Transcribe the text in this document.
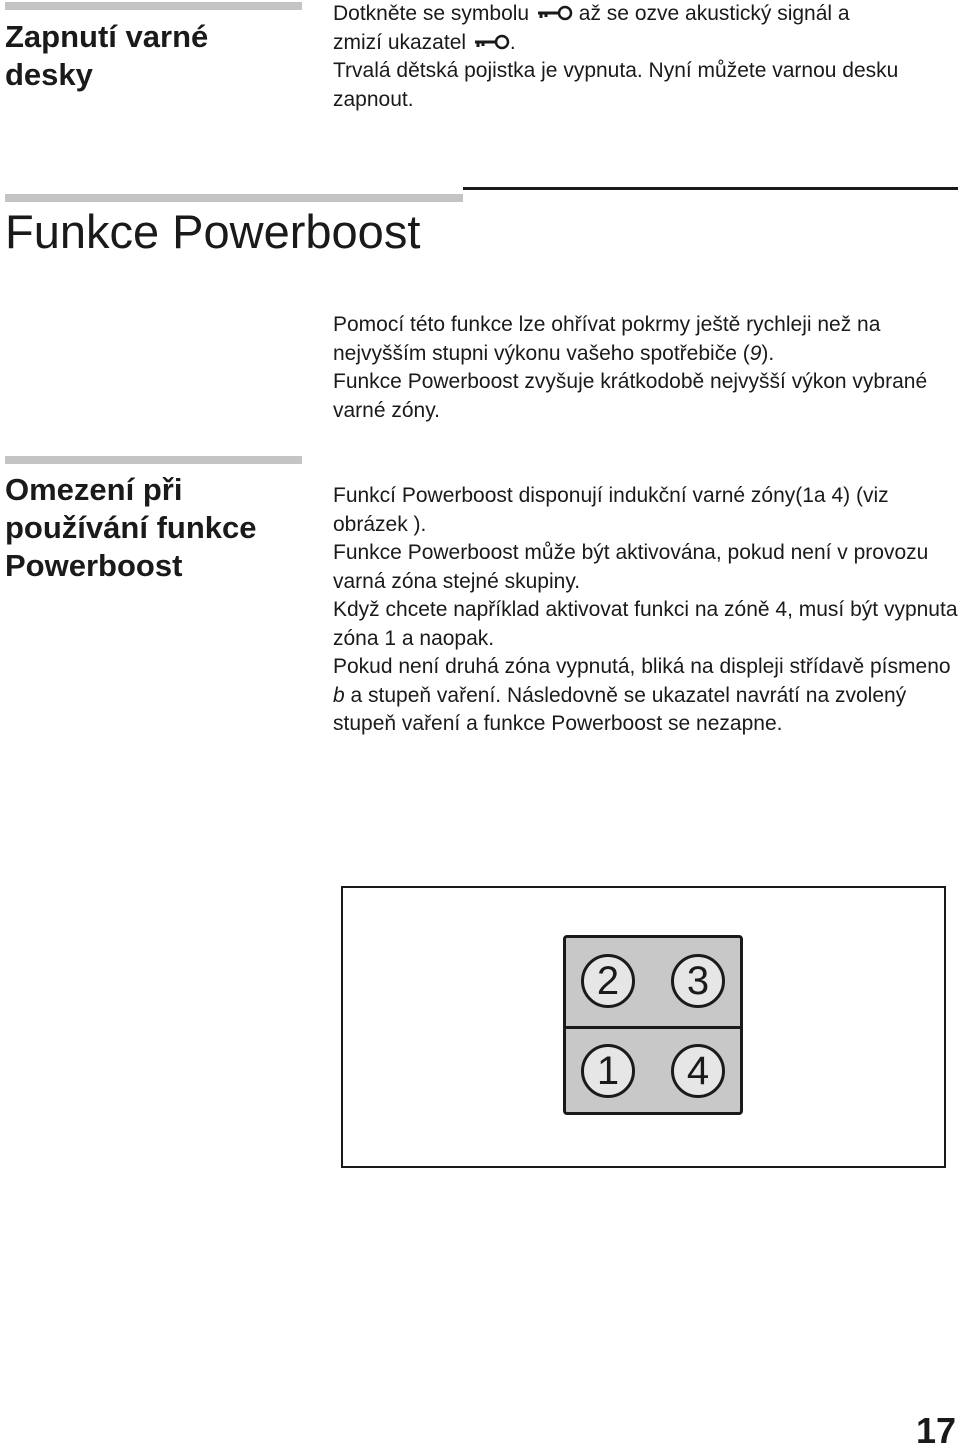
Zapnutí varné desky

Dotkněte se symbolu až se ozve akustický signál a

zmizí ukazatel .

Trvalá dětská pojistka je vypnuta. Nyní můžete varnou desku zapnout.

Funkce Powerboost

Pomocí této funkce lze ohřívat pokrmy ještě rychleji než na nejvyšším stupni výkonu vašeho spotřebiče (9).

Funkce Powerboost zvyšuje krátkodobě nejvyšší výkon vybrané varné zóny.

Omezení při používání funkce Powerboost

Funkcí Powerboost disponují indukční varné zóny(1a 4) (viz obrázek ).

Funkce Powerboost může být aktivována, pokud není v provozu varná zóna stejné skupiny.

Když chcete například aktivovat funkci na zóně 4, musí být vypnuta zóna 1 a naopak.

Pokud není druhá zóna vypnutá, bliká na displeji střídavě písmeno b a stupeň vaření. Následovně se ukazatel navrátí na zvolený stupeň vaření a funkce Powerboost se nezapne.

2	3
1	4
17
